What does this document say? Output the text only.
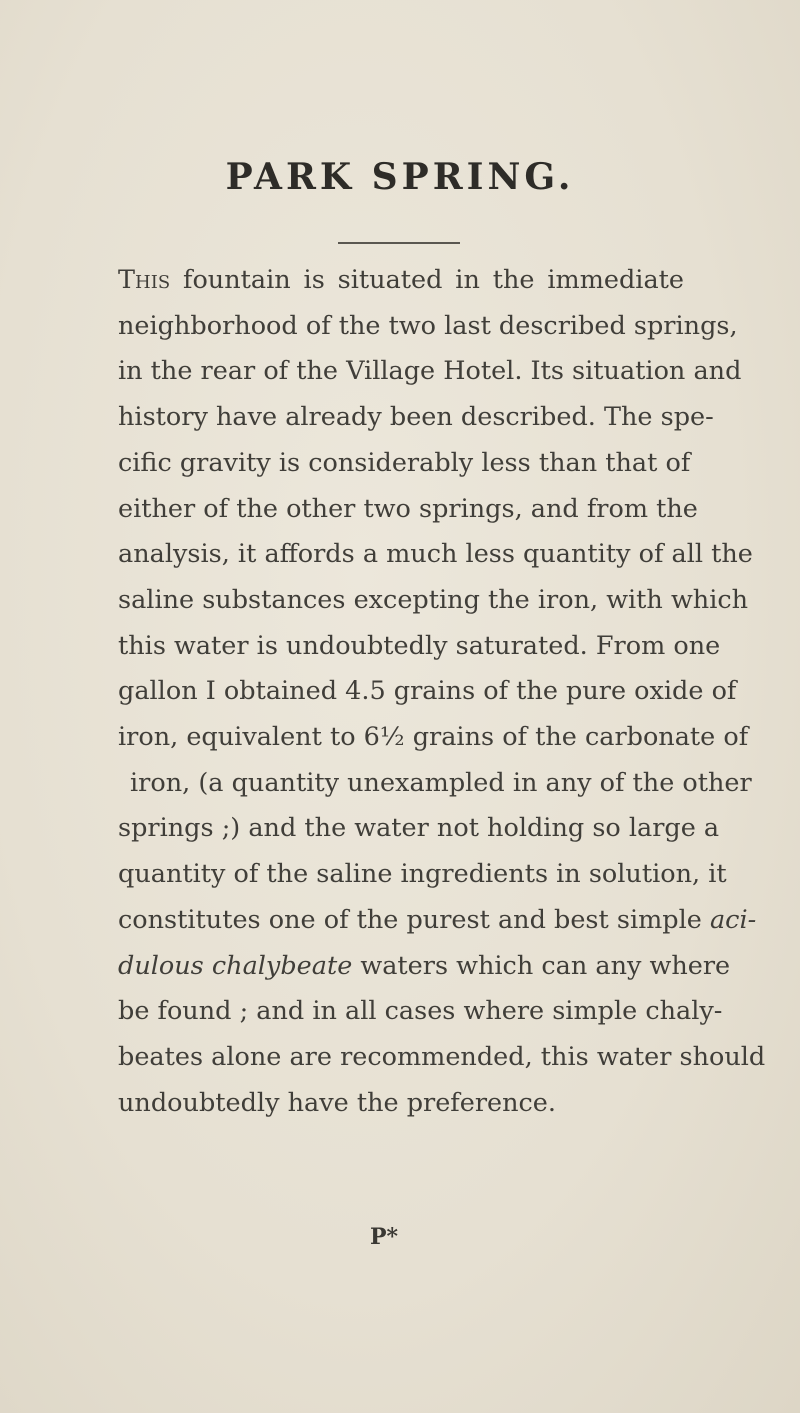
PARK SPRING.
This fountain is situated in the immediate
neighborhood of the two last described springs,
in the rear of the Village Hotel. Its situation and
history have already been described. The spe-
cific gravity is considerably less than that of
either of the other two springs, and from the
analysis, it affords a much less quantity of all the
saline substances excepting the iron, with which
this water is undoubtedly saturated. From one
gallon I obtained 4.5 grains of the pure oxide of
iron, equivalent to 6½ grains of the carbonate of
iron, (a quantity unexampled in any of the other
springs ;) and the water not holding so large a
quantity of the saline ingredients in solution, it
constitutes one of the purest and best simple aci-
dulous chalybeate waters which can any where
be found ; and in all cases where simple chaly-
beates alone are recommended, this water should
undoubtedly have the preference.
P*
